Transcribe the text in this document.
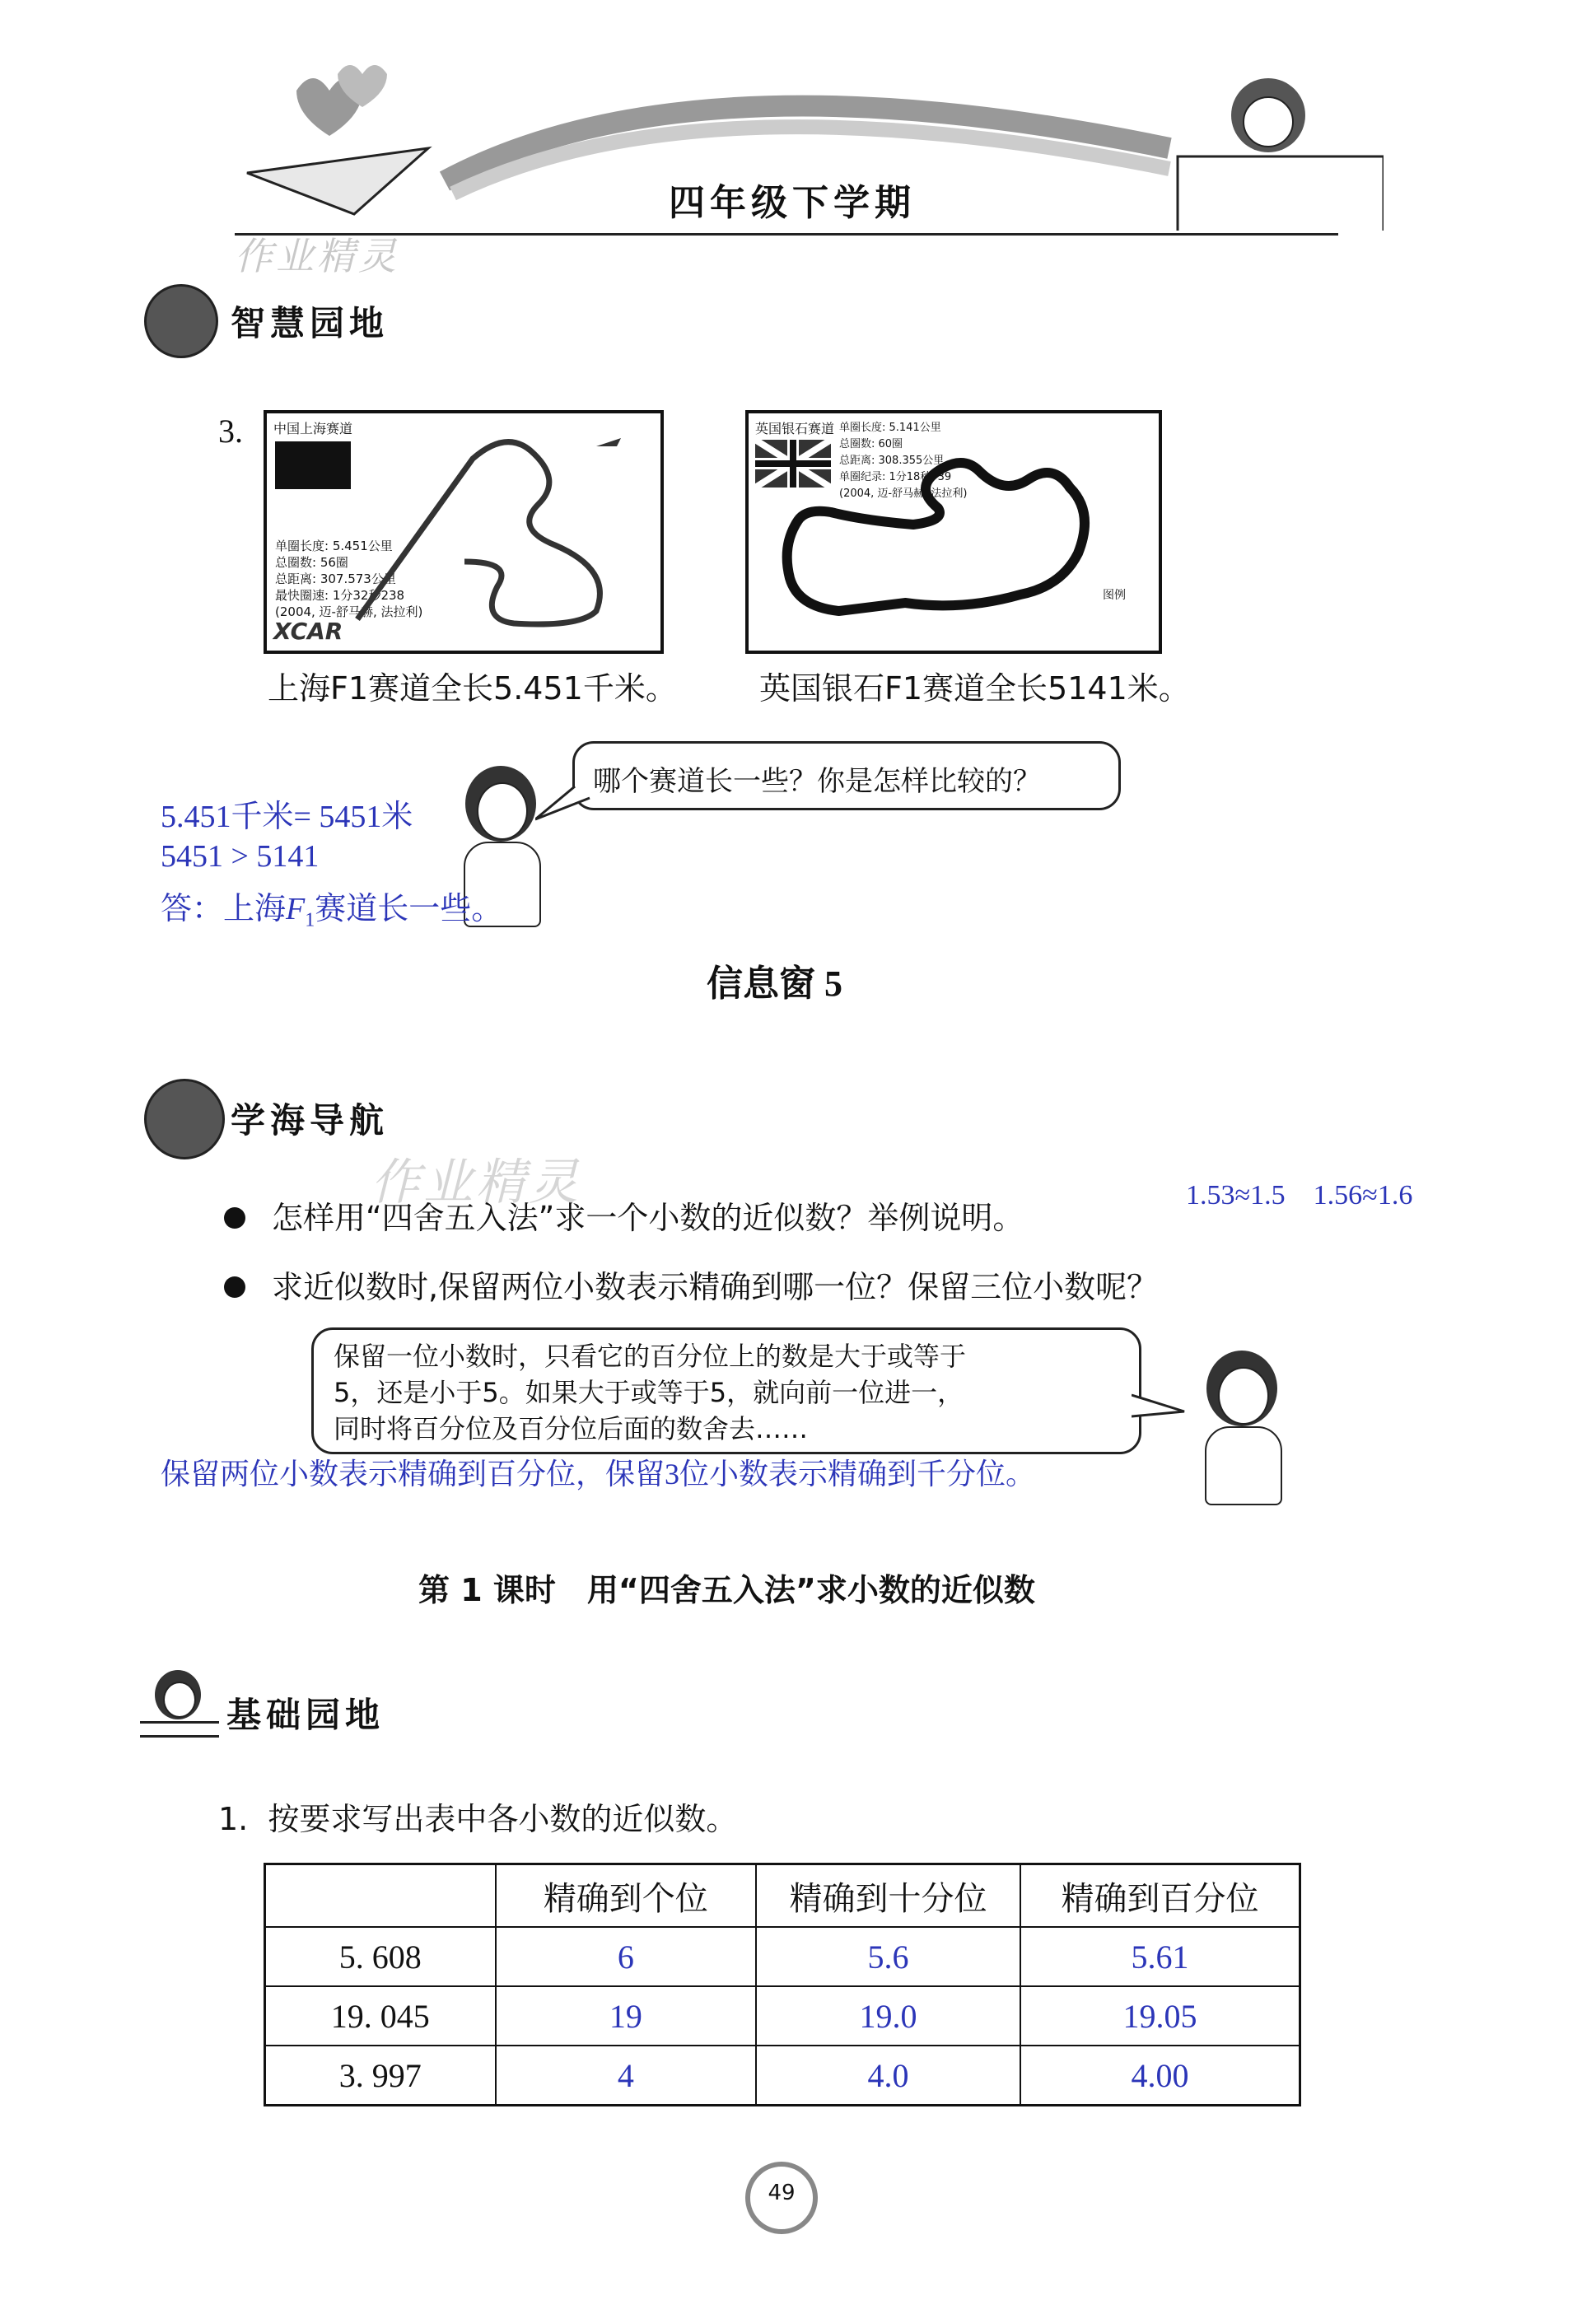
四年级下学期
作业精灵
智慧园地
3. 中国上海赛道
单圈长度: 5.451公里
总圈数: 56圈
总距离: 307.573公里
最快圈速: 1分32秒238
(2004, 迈-舒马赫, 法拉利)
XCAR
英国银石赛道 单圈长度: 5.141公里
总圈数: 60圈
总距离: 308.355公里
单圈纪录: 1分18秒739
(2004, 迈-舒马赫, 法拉利)
图例
上海F1赛道全长5.451千米。	英国银石F1赛道全长5141米。
哪个赛道长一些？你是怎样比较的？
5.451千米= 5451米
5451 > 5141
答：上海$F_1$赛道长一些。
信息窗 5
学海导航
作业精灵
怎样用“四舍五入法”求一个小数的近似数？举例说明。
1.53≈1.5    1.56≈1.6
求近似数时,保留两位小数表示精确到哪一位？保留三位小数呢？
保留一位小数时，只看它的百分位上的数是大于或等于
5，还是小于5。如果大于或等于5，就向前一位进一，
同时将百分位及百分位后面的数舍去……
保留两位小数表示精确到百分位，保留3位小数表示精确到千分位。
第 1 课时　用“四舍五入法”求小数的近似数
基础园地
1.  按要求写出表中各小数的近似数。
	精确到个位	精确到十分位	精确到百分位
5. 608	6	5.6	5.61
19. 045	19	19.0	19.05
3. 997	4	4.0	4.00
49
